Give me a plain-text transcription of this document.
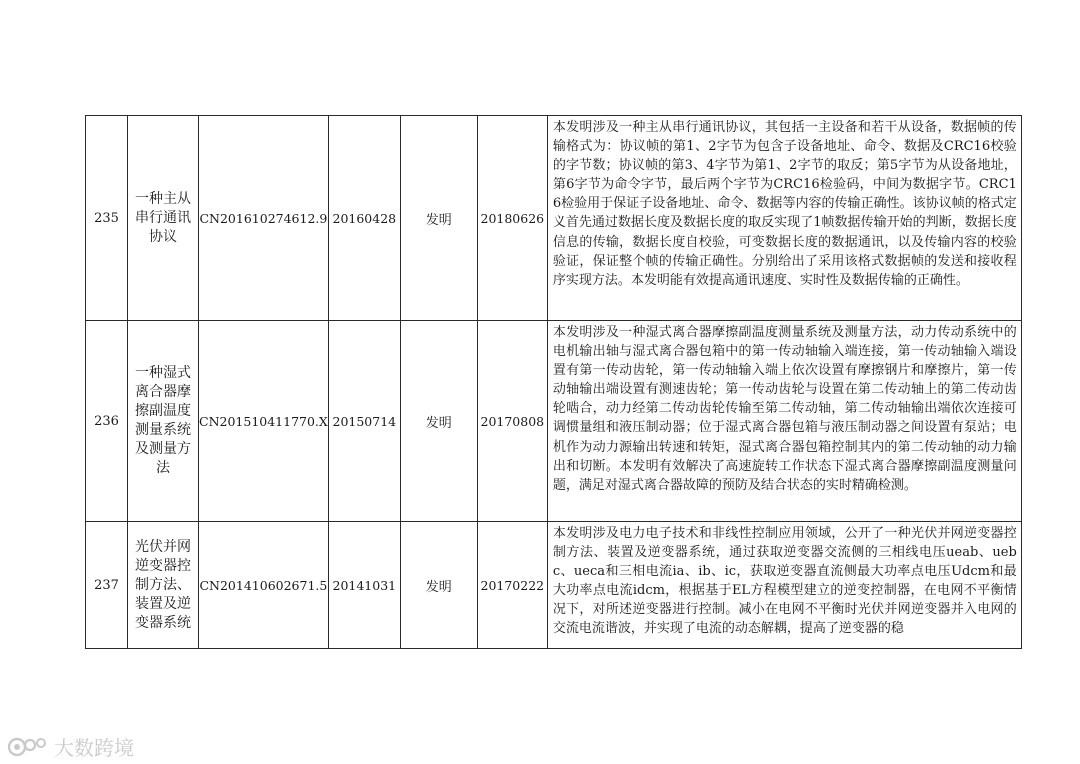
235	一种主从串行通讯协议	CN201610274612.9	20160428	发明	20180626	本发明涉及一种主从串行通讯协议，其包括一主设备和若干从设备，数据帧的传输格式为：协议帧的第1、2字节为包含子设备地址、命令、数据及CRC16校验的字节数；协议帧的第3、4字节为第1、2字节的取反；第5字节为从设备地址，第6字节为命令字节，最后两个字节为CRC16检验码，中间为数据字节。CRC16检验用于保证子设备地址、命令、数据等内容的传输正确性。该协议帧的格式定义首先通过数据长度及数据长度的取反实现了1帧数据传输开始的判断，数据长度信息的传输，数据长度自校验，可变数据长度的数据通讯，以及传输内容的校验验证，保证整个帧的传输正确性。分别给出了采用该格式数据帧的发送和接收程序实现方法。本发明能有效提高通讯速度、实时性及数据传输的正确性。
236	一种湿式离合器摩擦副温度测量系统及测量方法	CN201510411770.X	20150714	发明	20170808	本发明涉及一种湿式离合器摩擦副温度测量系统及测量方法，动力传动系统中的电机输出轴与湿式离合器包箱中的第一传动轴输入端连接，第一传动轴输入端设置有第一传动齿轮，第一传动轴输入端上依次设置有摩擦钢片和摩擦片，第一传动轴输出端设置有测速齿轮；第一传动齿轮与设置在第二传动轴上的第二传动齿轮啮合，动力经第二传动齿轮传输至第二传动轴，第二传动轴输出端依次连接可调惯量组和液压制动器；位于湿式离合器包箱与液压制动器之间设置有泵站；电机作为动力源输出转速和转矩，湿式离合器包箱控制其内的第二传动轴的动力输出和切断。本发明有效解决了高速旋转工作状态下湿式离合器摩擦副温度测量问题，满足对湿式离合器故障的预防及结合状态的实时精确检测。
237	光伏并网逆变器控制方法、装置及逆变器系统	CN201410602671.5	20141031	发明	20170222	本发明涉及电力电子技术和非线性控制应用领域，公开了一种光伏并网逆变器控制方法、装置及逆变器系统，通过获取逆变器交流侧的三相线电压ueab、uebc、ueca和三相电流ia、ib、ic，获取逆变器直流侧最大功率点电压Udcm和最大功率点电流idcm，根据基于EL方程模型建立的逆变控制器，在电网不平衡情况下，对所述逆变器进行控制。减小在电网不平衡时光伏并网逆变器并入电网的交流电流谐波，并实现了电流的动态解耦，提高了逆变器的稳
大数跨境
